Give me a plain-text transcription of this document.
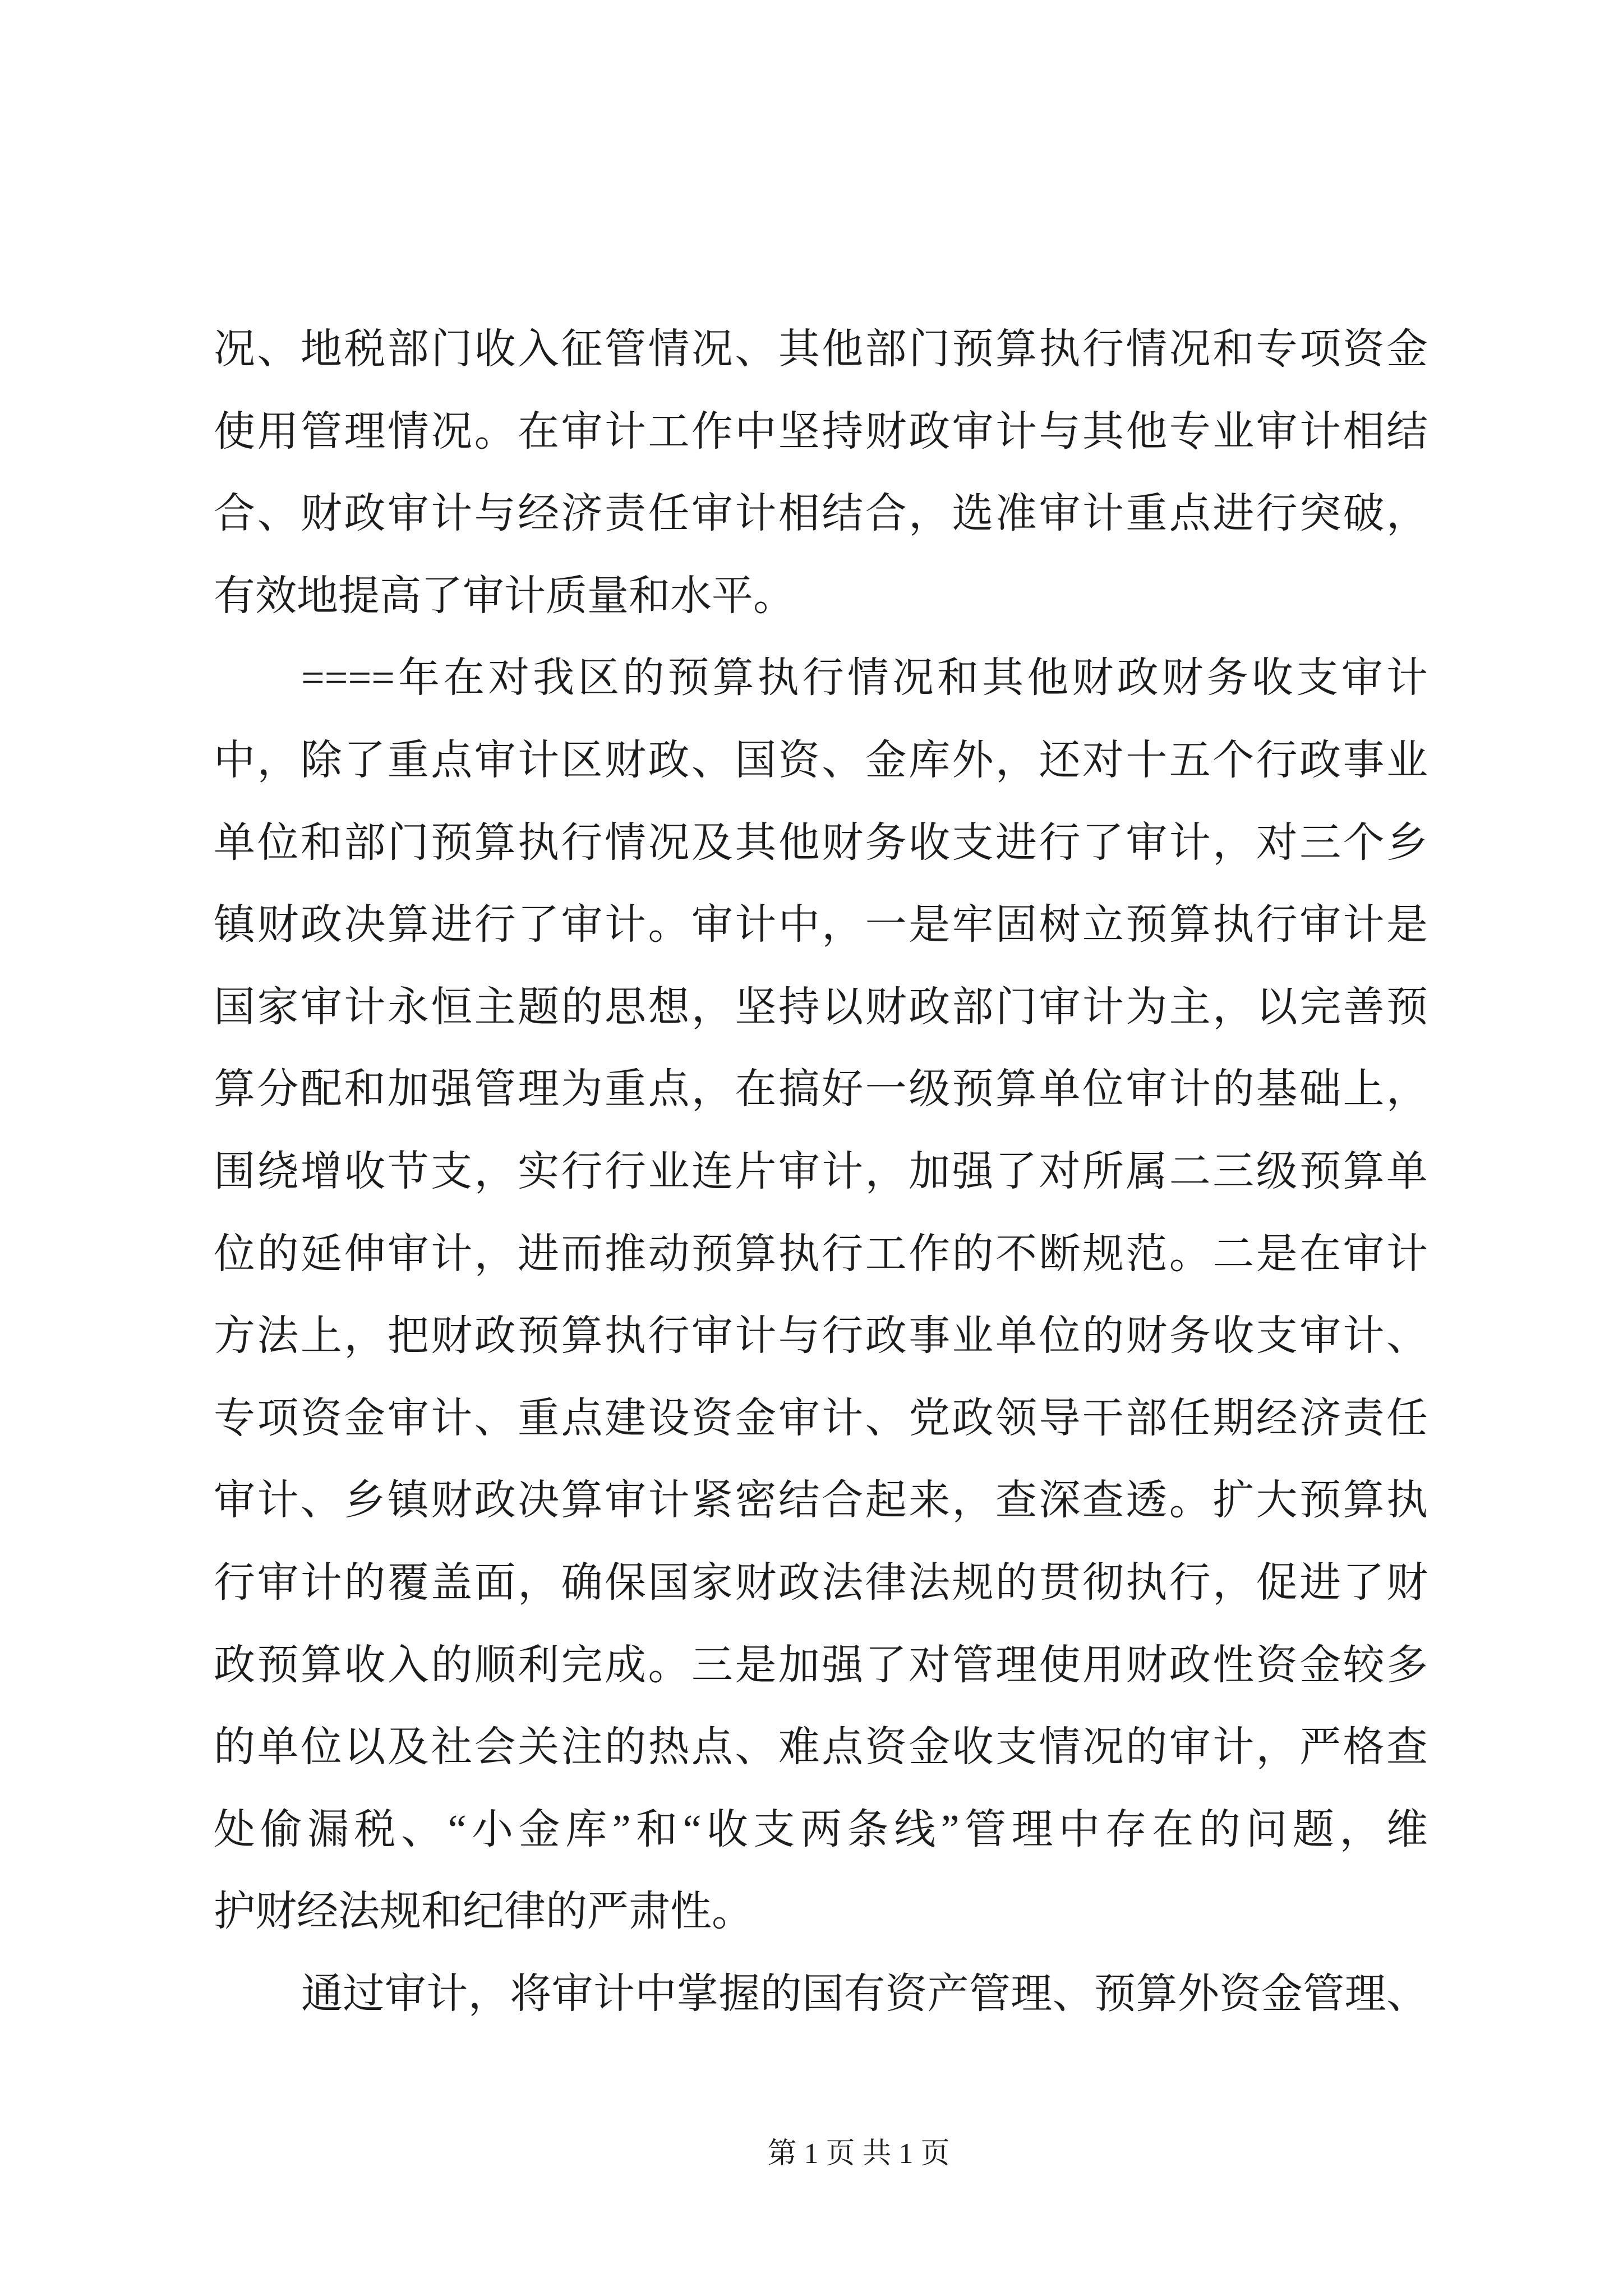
况、地税部门收入征管情况、其他部门预算执行情况和专项资金
使用管理情况。在审计工作中坚持财政审计与其他专业审计相结
合、财政审计与经济责任审计相结合，选准审计重点进行突破，
有效地提高了审计质量和水平。
====年在对我区的预算执行情况和其他财政财务收支审计
中，除了重点审计区财政、国资、金库外，还对十五个行政事业
单位和部门预算执行情况及其他财务收支进行了审计，对三个乡
镇财政决算进行了审计。审计中，一是牢固树立预算执行审计是
国家审计永恒主题的思想，坚持以财政部门审计为主，以完善预
算分配和加强管理为重点，在搞好一级预算单位审计的基础上，
围绕增收节支，实行行业连片审计，加强了对所属二三级预算单
位的延伸审计，进而推动预算执行工作的不断规范。二是在审计
方法上，把财政预算执行审计与行政事业单位的财务收支审计、
专项资金审计、重点建设资金审计、党政领导干部任期经济责任
审计、乡镇财政决算审计紧密结合起来，查深查透。扩大预算执
行审计的覆盖面，确保国家财政法律法规的贯彻执行，促进了财
政预算收入的顺利完成。三是加强了对管理使用财政性资金较多
的单位以及社会关注的热点、难点资金收支情况的审计，严格查
处偷漏税、“小金库”和“收支两条线”管理中存在的问题，维
护财经法规和纪律的严肃性。
通过审计，将审计中掌握的国有资产管理、预算外资金管理、
第 1 页 共 1 页
